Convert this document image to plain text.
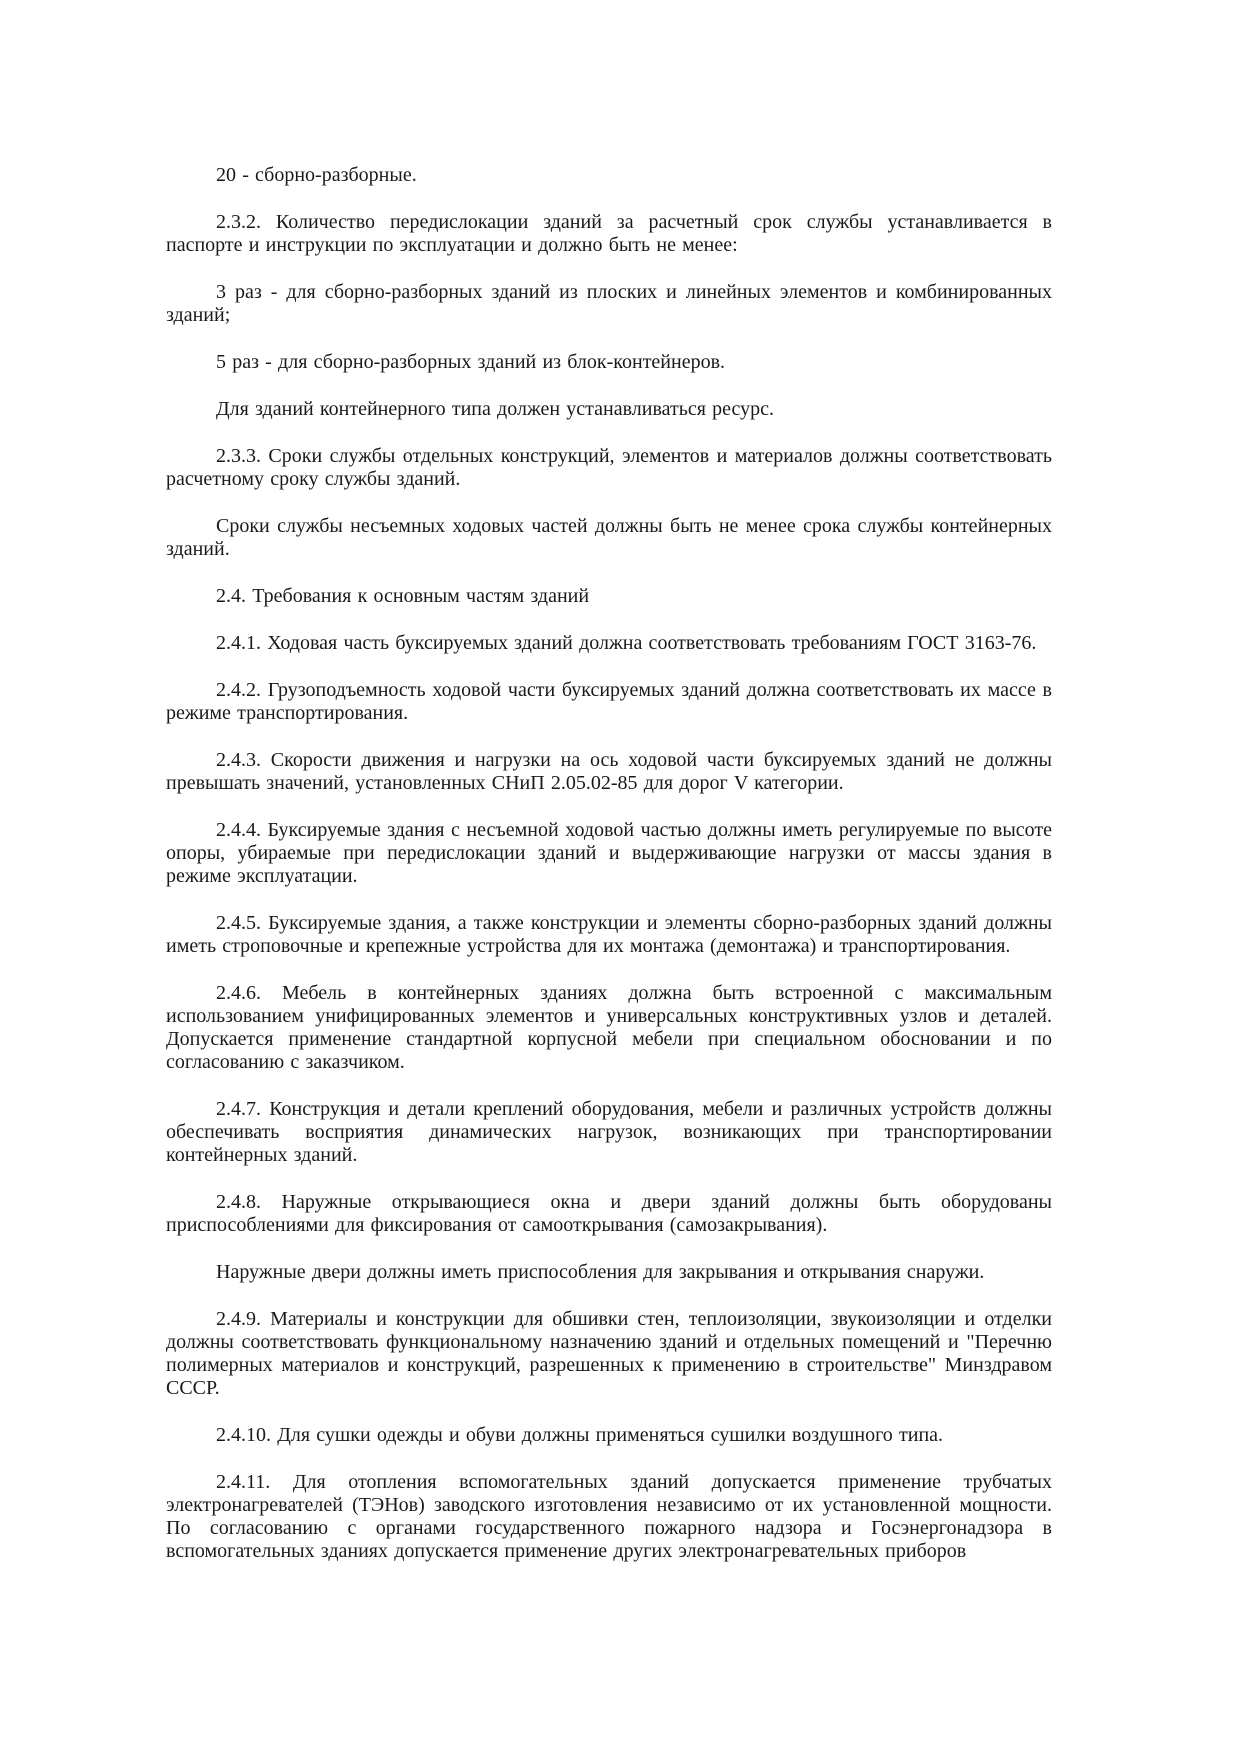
20 - сборно-разборные.

2.3.2. Количество передислокации зданий за расчетный срок службы устанавливается в паспорте и инструкции по эксплуатации и должно быть не менее:

3 раз - для сборно-разборных зданий из плоских и линейных элементов и комбинированных зданий;

5 раз - для сборно-разборных зданий из блок-контейнеров.

Для зданий контейнерного типа должен устанавливаться ресурс.

2.3.3. Сроки службы отдельных конструкций, элементов и материалов должны соответствовать расчетному сроку службы зданий.

Сроки службы несъемных ходовых частей должны быть не менее срока службы контейнерных зданий.

2.4. Требования к основным частям зданий

2.4.1. Ходовая часть буксируемых зданий должна соответствовать требованиям ГОСТ 3163-76.

2.4.2. Грузоподъемность ходовой части буксируемых зданий должна соответствовать их массе в режиме транспортирования.

2.4.3. Скорости движения и нагрузки на ось ходовой части буксируемых зданий не должны превышать значений, установленных СНиП 2.05.02-85 для дорог V категории.

2.4.4. Буксируемые здания с несъемной ходовой частью должны иметь регулируемые по высоте опоры, убираемые при передислокации зданий и выдерживающие нагрузки от массы здания в режиме эксплуатации.

2.4.5. Буксируемые здания, а также конструкции и элементы сборно-разборных зданий должны иметь строповочные и крепежные устройства для их монтажа (демонтажа) и транспортирования.

2.4.6. Мебель в контейнерных зданиях должна быть встроенной с максимальным использованием унифицированных элементов и универсальных конструктивных узлов и деталей. Допускается применение стандартной корпусной мебели при специальном обосновании и по согласованию с заказчиком.

2.4.7. Конструкция и детали креплений оборудования, мебели и различных устройств должны обеспечивать восприятия динамических нагрузок, возникающих при транспортировании контейнерных зданий.

2.4.8. Наружные открывающиеся окна и двери зданий должны быть оборудованы приспособлениями для фиксирования от самооткрывания (самозакрывания).

Наружные двери должны иметь приспособления для закрывания и открывания снаружи.

2.4.9. Материалы и конструкции для обшивки стен, теплоизоляции, звукоизоляции и отделки должны соответствовать функциональному назначению зданий и отдельных помещений и "Перечню полимерных материалов и конструкций, разрешенных к применению в строительстве" Минздравом СССР.

2.4.10. Для сушки одежды и обуви должны применяться сушилки воздушного типа.

2.4.11. Для отопления вспомогательных зданий допускается применение трубчатых электронагревателей (ТЭНов) заводского изготовления независимо от их установленной мощности. По согласованию с органами государственного пожарного надзора и Госэнергонадзора в вспомогательных зданиях допускается применение других электронагревательных приборов
